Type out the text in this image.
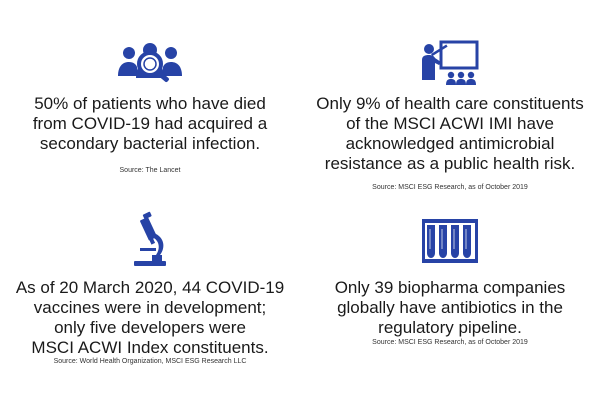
50% of patients who have died
from COVID-19 had acquired a
secondary bacterial infection.

Source: The Lancet

Only 9% of health care constituents
of the MSCI ACWI IMI have
acknowledged antimicrobial
resistance as a public health risk.

Source: MSCI ESG Research, as of October 2019

As of 20 March 2020, 44 COVID-19
vaccines were in development;
only five developers were
MSCI ACWI Index constituents.

Source: World Health Organization, MSCI ESG Research LLC

Only 39 biopharma companies
globally have antibiotics in the
regulatory pipeline.

Source: MSCI ESG Research, as of October 2019
